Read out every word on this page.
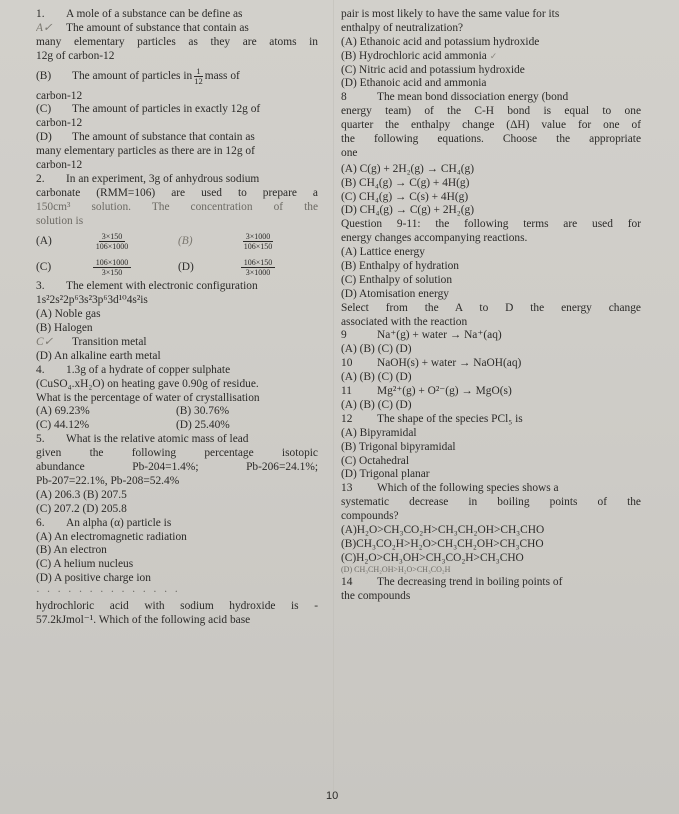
1. A mole of a substance can be define as
A✓ The amount of substance that contain as
many elementary particles as they are atoms in
12g of carbon-12
(B)	The amount of particles in $\frac{1}{12}$ mass of
carbon-12
(C) The amount of particles in exactly 12g of
carbon-12
(D) The amount of substance that contain as
many elementary particles as there are in 12g of
carbon-12
2. In an experiment, 3g of anhydrous sodium
carbonate (RMM=106) are used to prepare a
150cm³ solution. The concentration of the
solution is
(A)	$\frac{3\times 150}{106\times 1000} (B)$	$\frac{3\times 1000}{106\times 150}$
(C)	$\frac{106\times 1000}{3\times 150} (D)$	$\frac{106\times 150}{3\times 1000}$
3. The element with electronic configuration
1s²2s²2p⁶3s²3p⁶3d¹⁰4s²is
(A) Noble gas
(B) Halogen
C✓ Transition metal
(D) An alkaline earth metal
4. 1.3g of a hydrate of copper sulphate
(CuSO₄.xH₂O) on heating gave 0.90g of residue.
What is the percentage of water of crystallisation
(A) 69.23%	(B) 30.76%
(C) 44.12%	(D) 25.40%
5. What is the relative atomic mass of lead
given the following percentage isotopic
abundance Pb-204=1.4%; Pb-206=24.1%;
Pb-207=22.1%, Pb-208=52.4%
(A) 206.3 (B) 207.5
(C) 207.2 (D) 205.8
6. An alpha (α) particle is
(A) An electromagnetic radiation
(B) An electron
(C) A helium nucleus
(D) A positive charge ion
· · · · · · · · · · · · · ·
hydrochloric acid with sodium hydroxide is -
57.2kJmol⁻¹. Which of the following acid base
pair is most likely to have the same value for its
enthalpy of neutralization?
(A) Ethanoic acid and potassium hydroxide
(B) Hydrochloric acid ammonia ✓
(C) Nitric acid and potassium hydroxide
(D) Ethanoic acid and ammonia
8	The mean bond dissociation energy (bond
energy team) of the C-H bond is equal to one
quarter the enthalpy change (ΔH) value for one of
the following equations. Choose the appropriate
one
(A) C(g) + 2H₂(g) → CH₄(g)
(B) CH₄(g) → C(g) + 4H(g)
(C) CH₄(g) → C(s) + 4H(g)
(D) CH₄(g) → C(g) + 2H₂(g)
Question 9-11: the following terms are used for
energy changes accompanying reactions.
(A) Lattice energy
(B) Enthalpy of hydration
(C) Enthalpy of solution
(D) Atomisation energy
Select from the A to D the energy change
associated with the reaction
9	Na⁺(g) + water → Na⁺(aq)
(A) (B) (C) (D)
10 NaOH(s) + water → NaOH(aq)
(A) (B) (C) (D)
11 Mg²⁺(g) + O²⁻(g) → MgO(s)
(A) (B) (C) (D)
12 The shape of the species PCl₅ is
(A) Bipyramidal
(B) Trigonal bipyramidal
(C) Octahedral
(D) Trigonal planar
13 Which of the following species shows a
systematic decrease in boiling points of the
compounds?
(A)H₂O>CH₃CO₂H>CH₃CH₂OH>CH₃CHO
(B)CH₃CO₂H>H₂O>CH₃CH₂OH>CH₃CHO
(C)H₂O>CH₃OH>CH₃CO₂H>CH₃CHO
(D) CH₃CH₂OH>H₂O>CH₃CO₂H
14 The decreasing trend in boiling points of
the compounds
10
